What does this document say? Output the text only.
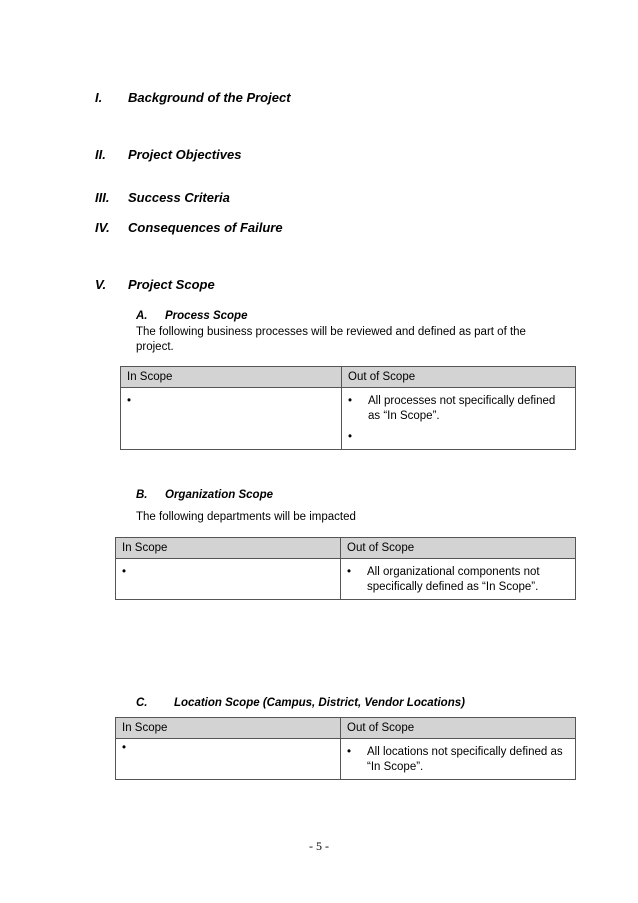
I. Background of the Project
II. Project Objectives
III. Success Criteria
IV. Consequences of Failure
V. Project Scope
A. Process Scope
The following business processes will be reviewed and defined as part of the project.
In Scope	Out of Scope

•	• All processes not specifically defined as “In Scope”.
•
B. Organization Scope
The following departments will be impacted
In Scope	Out of Scope

•	• All organizational components not specifically defined as “In Scope”.
C. Location Scope (Campus, District, Vendor Locations)
In Scope	Out of Scope

•	• All locations not specifically defined as “In Scope”.
- 5 -
